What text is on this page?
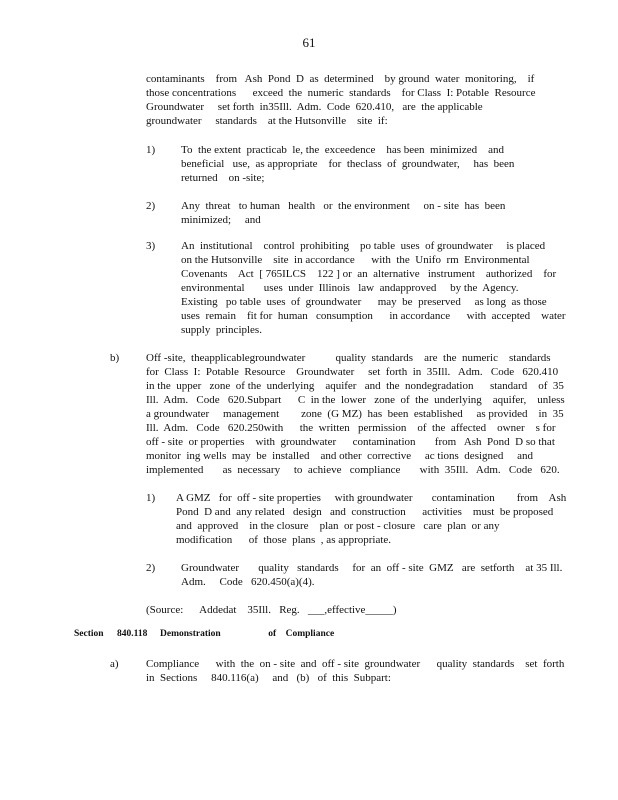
61
contaminants    from   Ash  Pond  D  as  determined    by ground  water  monitoring,    if
those concentrations      exceed  the  numeric  standards    for Class  I: Potable  Resource
Groundwater     set forth  in35Ill.  Adm.  Code  620.410,   are  the applicable
groundwater     standards    at the Hutsonville    site  if:
1) To  the extent  practicab  le, the  exceedence    has been  minimized    and
beneficial   use,  as appropriate    for  theclass  of  groundwater,     has  been
returned    on -site;
2) Any  threat   to human   health   or  the environment     on - site  has  been
minimized;     and
3) An  institutional    control  prohibiting    po table  uses  of groundwater     is placed
on the Hutsonville    site  in accordance      with  the  Unifo  rm  Environmental
Covenants    Act  [ 765ILCS    122 ] or  an  alternative   instrument    authorized    for
environmental       uses  under  Illinois   law  andapproved     by the  Agency.
Existing   po table  uses  of  groundwater      may  be  preserved     as long  as those
uses  remain    fit for  human   consumption      in accordance      with  accepted    water
supply  principles.
b) Off -site,  theapplicablegroundwater           quality  standards    are  the  numeric    standards
for  Class  I:  Potable  Resource    Groundwater     set  forth  in  35Ill.   Adm.   Code   620.410
in the  upper   zone  of the  underlying    aquifer   and  the  nondegradation      standard    of  35
Ill.  Adm.   Code   620.Subpart      C  in the  lower   zone  of  the  underlying    aquifer,    unless
a groundwater     management        zone  (G MZ)  has  been  established     as provided    in  35
Ill.  Adm.   Code   620.250with      the  written   permission    of  the  affected    owner    s for
off - site  or properties    with  groundwater      contamination       from   Ash  Pond  D so that
monitor  ing wells  may  be  installed    and other  corrective     ac tions  designed     and
implemented       as  necessary     to  achieve   compliance       with  35Ill.   Adm.   Code   620.
1) A GMZ   for  off - site properties     with groundwater       contamination        from    Ash
Pond  D and  any related   design   and  construction      activities    must  be proposed
and  approved    in the closure    plan  or post - closure   care  plan  or any
modification      of  those  plans  , as appropriate.
2) Groundwater       quality   standards     for  an  off - site  GMZ   are  setforth    at 35 Ill.
Adm.     Code   620.450(a)(4).
(Source:      Addedat    35Ill.   Reg.   ___,effective_____)
Section 840.118 Demonstration                    of    Compliance
a) Compliance      with  the  on - site  and  off - site  groundwater      quality  standards    set  forth
in  Sections     840.116(a)     and   (b)   of  this  Subpart:
